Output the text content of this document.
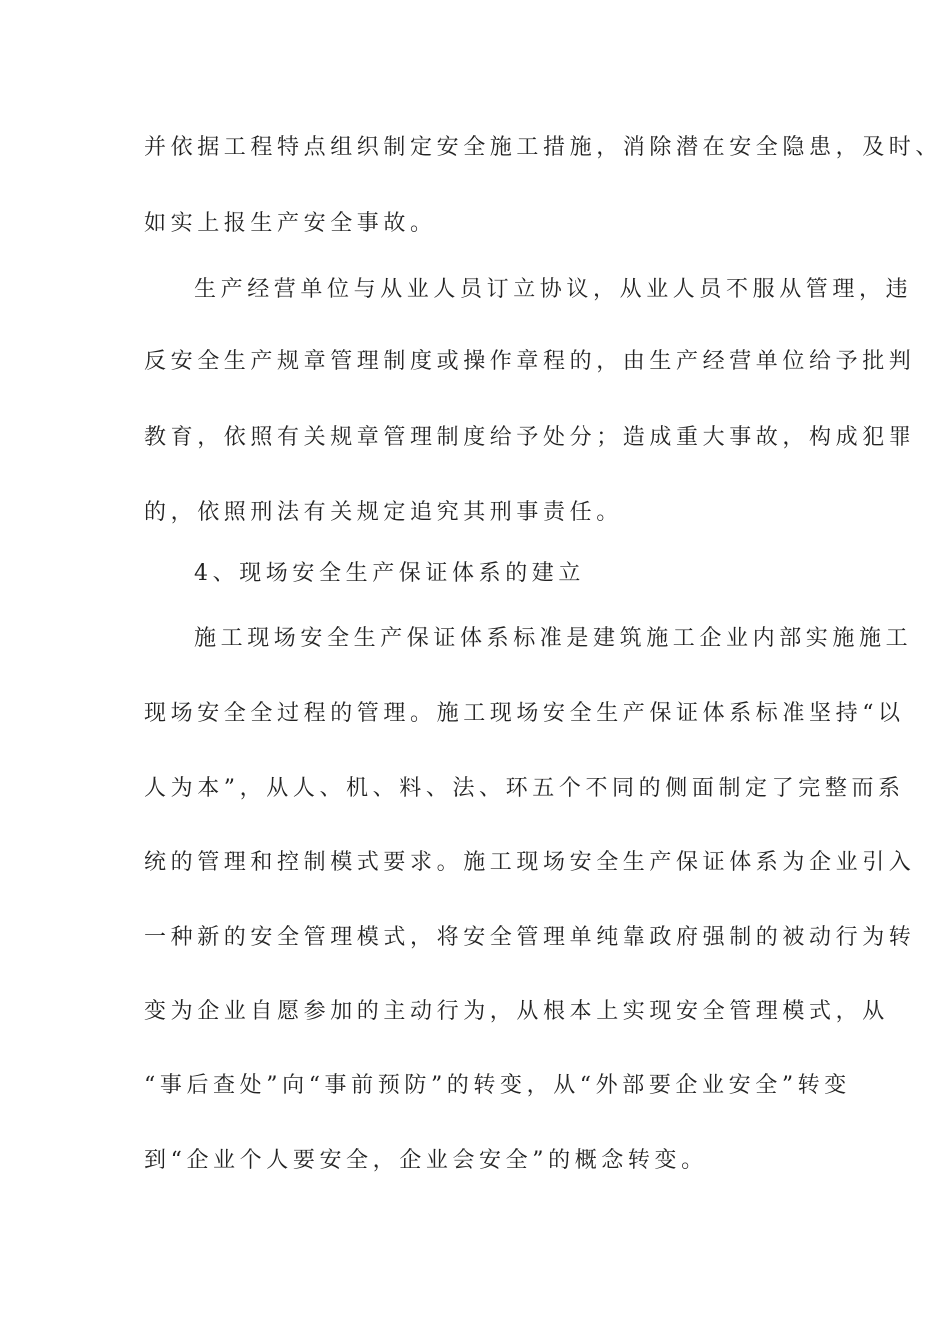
并依据工程特点组织制定安全施工措施，消除潜在安全隐患，及时、
如实上报生产安全事故。
生产经营单位与从业人员订立协议，从业人员不服从管理，违
反安全生产规章管理制度或操作章程的，由生产经营单位给予批判
教育，依照有关规章管理制度给予处分；造成重大事故，构成犯罪
的，依照刑法有关规定追究其刑事责任。
4、现场安全生产保证体系的建立
施工现场安全生产保证体系标准是建筑施工企业内部实施施工
现场安全全过程的管理。施工现场安全生产保证体系标准坚持“以
人为本”，从人、机、料、法、环五个不同的侧面制定了完整而系
统的管理和控制模式要求。施工现场安全生产保证体系为企业引入
一种新的安全管理模式，将安全管理单纯靠政府强制的被动行为转
变为企业自愿参加的主动行为，从根本上实现安全管理模式，从
“事后查处”向“事前预防”的转变，从“外部要企业安全”转变
到“企业个人要安全，企业会安全”的概念转变。
